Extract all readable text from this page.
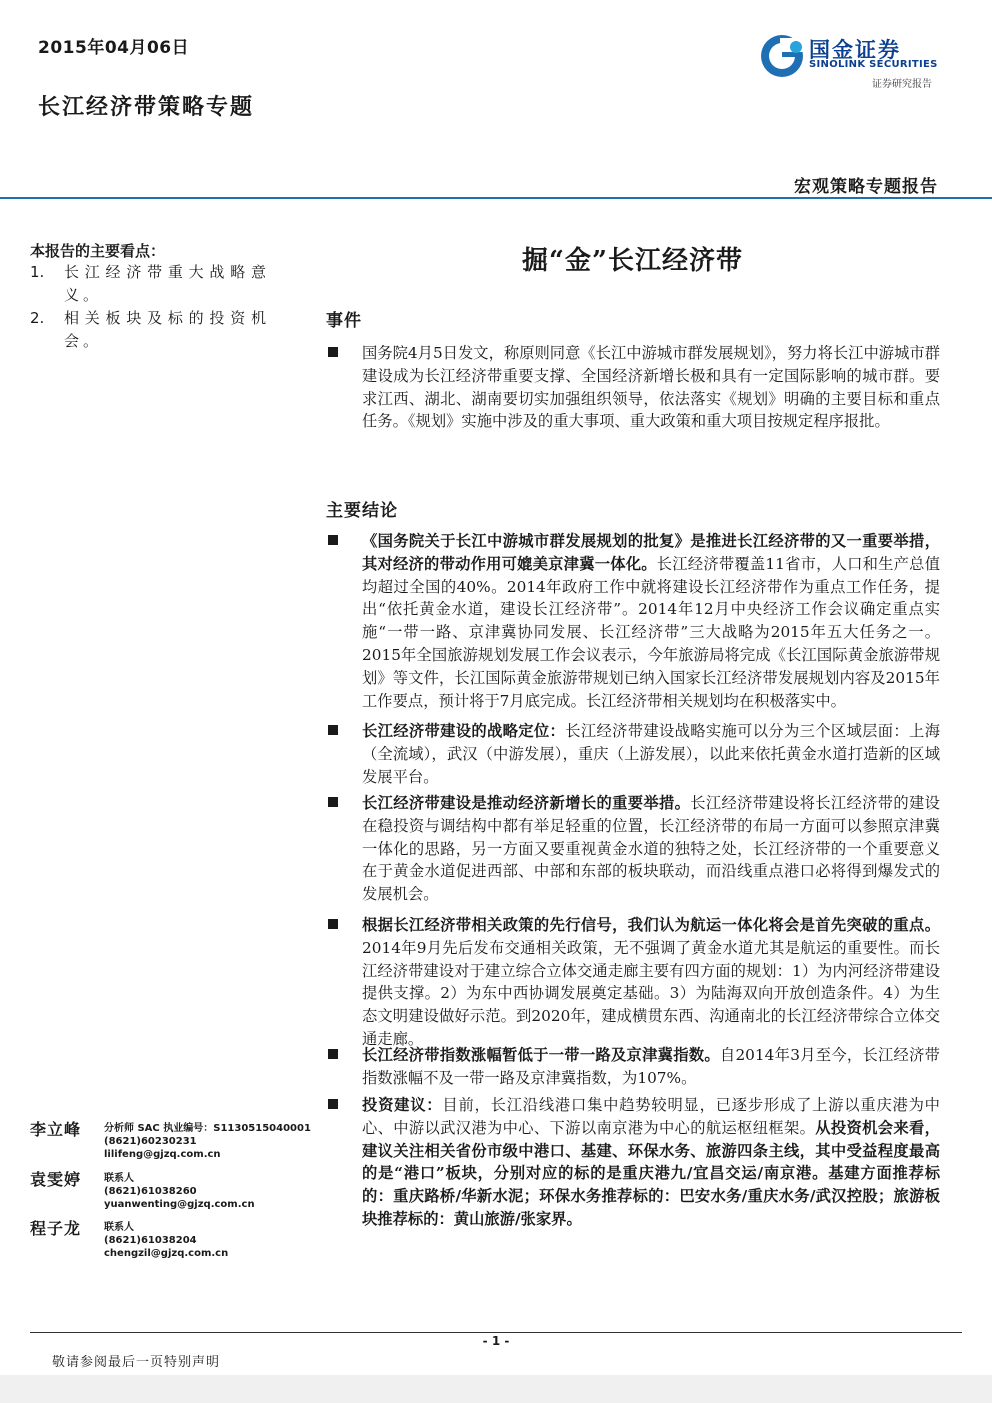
2015年04月06日
长江经济带策略专题
国金证券
SINOLINK SECURITIES
证券研究报告
宏观策略专题报告
本报告的主要看点：
1. 长江经济带重大战略意义。
2. 相关板块及标的投资机会。
掘“金”长江经济带
事件
国务院4月5日发文，称原则同意《长江中游城市群发展规划》，努力将长江中游城市群建设成为长江经济带重要支撑、全国经济新增长极和具有一定国际影响的城市群。要求江西、湖北、湖南要切实加强组织领导，依法落实《规划》明确的主要目标和重点任务。《规划》实施中涉及的重大事项、重大政策和重大项目按规定程序报批。
主要结论
《国务院关于长江中游城市群发展规划的批复》是推进长江经济带的又一重要举措，其对经济的带动作用可媲美京津冀一体化。长江经济带覆盖11省市，人口和生产总值均超过全国的40%。2014年政府工作中就将建设长江经济带作为重点工作任务，提出“依托黄金水道，建设长江经济带”。2014年12月中央经济工作会议确定重点实施“一带一路、京津冀协同发展、长江经济带”三大战略为2015年五大任务之一。2015年全国旅游规划发展工作会议表示，今年旅游局将完成《长江国际黄金旅游带规划》等文件，长江国际黄金旅游带规划已纳入国家长江经济带发展规划内容及2015年工作要点，预计将于7月底完成。长江经济带相关规划均在积极落实中。
长江经济带建设的战略定位：长江经济带建设战略实施可以分为三个区域层面：上海（全流域），武汉（中游发展），重庆（上游发展），以此来依托黄金水道打造新的区域发展平台。
长江经济带建设是推动经济新增长的重要举措。长江经济带建设将长江经济带的建设在稳投资与调结构中都有举足轻重的位置，长江经济带的布局一方面可以参照京津冀一体化的思路，另一方面又要重视黄金水道的独特之处，长江经济带的一个重要意义在于黄金水道促进西部、中部和东部的板块联动，而沿线重点港口必将得到爆发式的发展机会。
根据长江经济带相关政策的先行信号，我们认为航运一体化将会是首先突破的重点。2014年9月先后发布交通相关政策，无不强调了黄金水道尤其是航运的重要性。而长江经济带建设对于建立综合立体交通走廊主要有四方面的规划：1）为内河经济带建设提供支撑。2）为东中西协调发展奠定基础。3）为陆海双向开放创造条件。4）为生态文明建设做好示范。到2020年，建成横贯东西、沟通南北的长江经济带综合立体交通走廊。
长江经济带指数涨幅暂低于一带一路及京津冀指数。自2014年3月至今，长江经济带指数涨幅不及一带一路及京津冀指数，为107%。
投资建议：目前，长江沿线港口集中趋势较明显，已逐步形成了上游以重庆港为中心、中游以武汉港为中心、下游以南京港为中心的航运枢纽框架。从投资机会来看，建议关注相关省份市级中港口、基建、环保水务、旅游四条主线，其中受益程度最高的是“港口”板块，分别对应的标的是重庆港九/宜昌交运/南京港。基建方面推荐标的：重庆路桥/华新水泥；环保水务推荐标的：巴安水务/重庆水务/武汉控股；旅游板块推荐标的：黄山旅游/张家界。
李立峰 分析师 SAC 执业编号：S1130515040001
(8621)60230231
lilifeng@gjzq.com.cn
袁雯婷 联系人
(8621)61038260
yuanwenting@gjzq.com.cn
程子龙 联系人
(8621)61038204
chengzil@gjzq.com.cn
- 1 -
敬请参阅最后一页特别声明
